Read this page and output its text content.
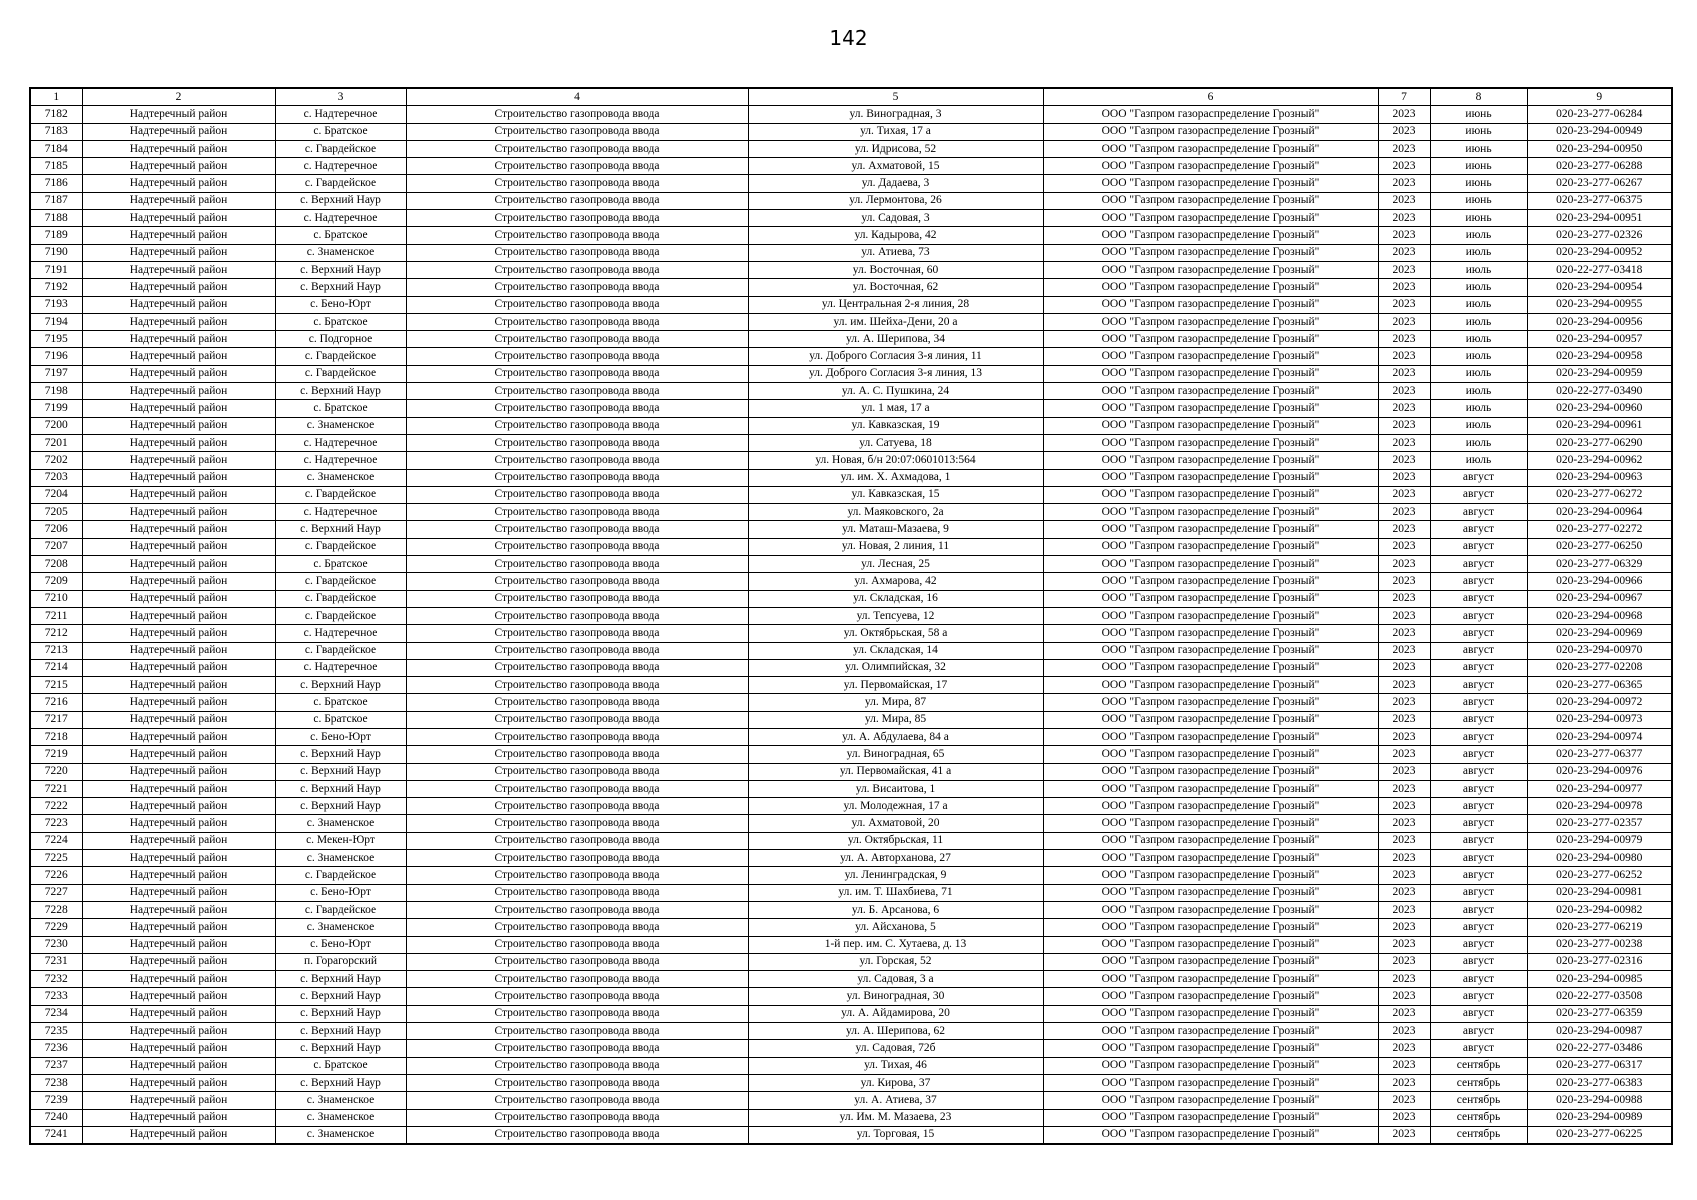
142
1	2	3	4	5	6	7	8	9
7182	Надтеречный район	с. Надтеречное	Строительство газопровода ввода	ул. Виноградная, 3	ООО "Газпром газораспределение Грозный"	2023	июнь	020-23-277-06284
7183	Надтеречный район	с. Братское	Строительство газопровода ввода	ул. Тихая, 17 а	ООО "Газпром газораспределение Грозный"	2023	июнь	020-23-294-00949
7184	Надтеречный район	с. Гвардейское	Строительство газопровода ввода	ул. Идрисова, 52	ООО "Газпром газораспределение Грозный"	2023	июнь	020-23-294-00950
7185	Надтеречный район	с. Надтеречное	Строительство газопровода ввода	ул. Ахматовой, 15	ООО "Газпром газораспределение Грозный"	2023	июнь	020-23-277-06288
7186	Надтеречный район	с. Гвардейское	Строительство газопровода ввода	ул. Дадаева, 3	ООО "Газпром газораспределение Грозный"	2023	июнь	020-23-277-06267
7187	Надтеречный район	с. Верхний Наур	Строительство газопровода ввода	ул. Лермонтова, 26	ООО "Газпром газораспределение Грозный"	2023	июнь	020-23-277-06375
7188	Надтеречный район	с. Надтеречное	Строительство газопровода ввода	ул. Садовая, 3	ООО "Газпром газораспределение Грозный"	2023	июнь	020-23-294-00951
7189	Надтеречный район	с. Братское	Строительство газопровода ввода	ул. Кадырова, 42	ООО "Газпром газораспределение Грозный"	2023	июль	020-23-277-02326
7190	Надтеречный район	с. Знаменское	Строительство газопровода ввода	ул. Атиева, 73	ООО "Газпром газораспределение Грозный"	2023	июль	020-23-294-00952
7191	Надтеречный район	с. Верхний Наур	Строительство газопровода ввода	ул. Восточная, 60	ООО "Газпром газораспределение Грозный"	2023	июль	020-22-277-03418
7192	Надтеречный район	с. Верхний Наур	Строительство газопровода ввода	ул. Восточная, 62	ООО "Газпром газораспределение Грозный"	2023	июль	020-23-294-00954
7193	Надтеречный район	с. Бено-Юрт	Строительство газопровода ввода	ул. Центральная 2-я линия, 28	ООО "Газпром газораспределение Грозный"	2023	июль	020-23-294-00955
7194	Надтеречный район	с. Братское	Строительство газопровода ввода	ул. им. Шейха-Дени, 20 а	ООО "Газпром газораспределение Грозный"	2023	июль	020-23-294-00956
7195	Надтеречный район	с. Подгорное	Строительство газопровода ввода	ул. А. Шерипова, 34	ООО "Газпром газораспределение Грозный"	2023	июль	020-23-294-00957
7196	Надтеречный район	с. Гвардейское	Строительство газопровода ввода	ул. Доброго Согласия 3-я линия, 11	ООО "Газпром газораспределение Грозный"	2023	июль	020-23-294-00958
7197	Надтеречный район	с. Гвардейское	Строительство газопровода ввода	ул. Доброго Согласия 3-я линия, 13	ООО "Газпром газораспределение Грозный"	2023	июль	020-23-294-00959
7198	Надтеречный район	с. Верхний Наур	Строительство газопровода ввода	ул. А. С. Пушкина, 24	ООО "Газпром газораспределение Грозный"	2023	июль	020-22-277-03490
7199	Надтеречный район	с. Братское	Строительство газопровода ввода	ул. 1 мая, 17 а	ООО "Газпром газораспределение Грозный"	2023	июль	020-23-294-00960
7200	Надтеречный район	с. Знаменское	Строительство газопровода ввода	ул. Кавказская, 19	ООО "Газпром газораспределение Грозный"	2023	июль	020-23-294-00961
7201	Надтеречный район	с. Надтеречное	Строительство газопровода ввода	ул. Сатуева, 18	ООО "Газпром газораспределение Грозный"	2023	июль	020-23-277-06290
7202	Надтеречный район	с. Надтеречное	Строительство газопровода ввода	ул. Новая, б/н 20:07:0601013:564	ООО "Газпром газораспределение Грозный"	2023	июль	020-23-294-00962
7203	Надтеречный район	с. Знаменское	Строительство газопровода ввода	ул. им. Х. Ахмадова, 1	ООО "Газпром газораспределение Грозный"	2023	август	020-23-294-00963
7204	Надтеречный район	с. Гвардейское	Строительство газопровода ввода	ул. Кавказская, 15	ООО "Газпром газораспределение Грозный"	2023	август	020-23-277-06272
7205	Надтеречный район	с. Надтеречное	Строительство газопровода ввода	ул. Маяковского, 2а	ООО "Газпром газораспределение Грозный"	2023	август	020-23-294-00964
7206	Надтеречный район	с. Верхний Наур	Строительство газопровода ввода	ул. Маташ-Мазаева, 9	ООО "Газпром газораспределение Грозный"	2023	август	020-23-277-02272
7207	Надтеречный район	с. Гвардейское	Строительство газопровода ввода	ул. Новая, 2 линия, 11	ООО "Газпром газораспределение Грозный"	2023	август	020-23-277-06250
7208	Надтеречный район	с. Братское	Строительство газопровода ввода	ул. Лесная, 25	ООО "Газпром газораспределение Грозный"	2023	август	020-23-277-06329
7209	Надтеречный район	с. Гвардейское	Строительство газопровода ввода	ул. Ахмарова, 42	ООО "Газпром газораспределение Грозный"	2023	август	020-23-294-00966
7210	Надтеречный район	с. Гвардейское	Строительство газопровода ввода	ул. Складская, 16	ООО "Газпром газораспределение Грозный"	2023	август	020-23-294-00967
7211	Надтеречный район	с. Гвардейское	Строительство газопровода ввода	ул. Тепсуева, 12	ООО "Газпром газораспределение Грозный"	2023	август	020-23-294-00968
7212	Надтеречный район	с. Надтеречное	Строительство газопровода ввода	ул. Октябрьская, 58 а	ООО "Газпром газораспределение Грозный"	2023	август	020-23-294-00969
7213	Надтеречный район	с. Гвардейское	Строительство газопровода ввода	ул. Складская, 14	ООО "Газпром газораспределение Грозный"	2023	август	020-23-294-00970
7214	Надтеречный район	с. Надтеречное	Строительство газопровода ввода	ул. Олимпийская, 32	ООО "Газпром газораспределение Грозный"	2023	август	020-23-277-02208
7215	Надтеречный район	с. Верхний Наур	Строительство газопровода ввода	ул. Первомайская, 17	ООО "Газпром газораспределение Грозный"	2023	август	020-23-277-06365
7216	Надтеречный район	с. Братское	Строительство газопровода ввода	ул. Мира, 87	ООО "Газпром газораспределение Грозный"	2023	август	020-23-294-00972
7217	Надтеречный район	с. Братское	Строительство газопровода ввода	ул. Мира, 85	ООО "Газпром газораспределение Грозный"	2023	август	020-23-294-00973
7218	Надтеречный район	с. Бено-Юрт	Строительство газопровода ввода	ул. А. Абдулаева, 84 а	ООО "Газпром газораспределение Грозный"	2023	август	020-23-294-00974
7219	Надтеречный район	с. Верхний Наур	Строительство газопровода ввода	ул. Виноградная, 65	ООО "Газпром газораспределение Грозный"	2023	август	020-23-277-06377
7220	Надтеречный район	с. Верхний Наур	Строительство газопровода ввода	ул. Первомайская, 41 а	ООО "Газпром газораспределение Грозный"	2023	август	020-23-294-00976
7221	Надтеречный район	с. Верхний Наур	Строительство газопровода ввода	ул. Висаитова, 1	ООО "Газпром газораспределение Грозный"	2023	август	020-23-294-00977
7222	Надтеречный район	с. Верхний Наур	Строительство газопровода ввода	ул. Молодежная, 17 а	ООО "Газпром газораспределение Грозный"	2023	август	020-23-294-00978
7223	Надтеречный район	с. Знаменское	Строительство газопровода ввода	ул. Ахматовой, 20	ООО "Газпром газораспределение Грозный"	2023	август	020-23-277-02357
7224	Надтеречный район	с. Мекен-Юрт	Строительство газопровода ввода	ул. Октябрьская, 11	ООО "Газпром газораспределение Грозный"	2023	август	020-23-294-00979
7225	Надтеречный район	с. Знаменское	Строительство газопровода ввода	ул. А. Авторханова, 27	ООО "Газпром газораспределение Грозный"	2023	август	020-23-294-00980
7226	Надтеречный район	с. Гвардейское	Строительство газопровода ввода	ул. Ленинградская, 9	ООО "Газпром газораспределение Грозный"	2023	август	020-23-277-06252
7227	Надтеречный район	с. Бено-Юрт	Строительство газопровода ввода	ул. им. Т. Шахбиева, 71	ООО "Газпром газораспределение Грозный"	2023	август	020-23-294-00981
7228	Надтеречный район	с. Гвардейское	Строительство газопровода ввода	ул. Б. Арсанова, 6	ООО "Газпром газораспределение Грозный"	2023	август	020-23-294-00982
7229	Надтеречный район	с. Знаменское	Строительство газопровода ввода	ул. Айсханова, 5	ООО "Газпром газораспределение Грозный"	2023	август	020-23-277-06219
7230	Надтеречный район	с. Бено-Юрт	Строительство газопровода ввода	1-й пер. им. С. Хутаева, д. 13	ООО "Газпром газораспределение Грозный"	2023	август	020-23-277-00238
7231	Надтеречный район	п. Горагорский	Строительство газопровода ввода	ул. Горская, 52	ООО "Газпром газораспределение Грозный"	2023	август	020-23-277-02316
7232	Надтеречный район	с. Верхний Наур	Строительство газопровода ввода	ул. Садовая, 3 а	ООО "Газпром газораспределение Грозный"	2023	август	020-23-294-00985
7233	Надтеречный район	с. Верхний Наур	Строительство газопровода ввода	ул. Виноградная, 30	ООО "Газпром газораспределение Грозный"	2023	август	020-22-277-03508
7234	Надтеречный район	с. Верхний Наур	Строительство газопровода ввода	ул. А. Айдамирова, 20	ООО "Газпром газораспределение Грозный"	2023	август	020-23-277-06359
7235	Надтеречный район	с. Верхний Наур	Строительство газопровода ввода	ул. А. Шерипова, 62	ООО "Газпром газораспределение Грозный"	2023	август	020-23-294-00987
7236	Надтеречный район	с. Верхний Наур	Строительство газопровода ввода	ул. Садовая, 72б	ООО "Газпром газораспределение Грозный"	2023	август	020-22-277-03486
7237	Надтеречный район	с. Братское	Строительство газопровода ввода	ул. Тихая, 46	ООО "Газпром газораспределение Грозный"	2023	сентябрь	020-23-277-06317
7238	Надтеречный район	с. Верхний Наур	Строительство газопровода ввода	ул. Кирова, 37	ООО "Газпром газораспределение Грозный"	2023	сентябрь	020-23-277-06383
7239	Надтеречный район	с. Знаменское	Строительство газопровода ввода	ул. А. Атиева, 37	ООО "Газпром газораспределение Грозный"	2023	сентябрь	020-23-294-00988
7240	Надтеречный район	с. Знаменское	Строительство газопровода ввода	ул. Им. М. Мазаева, 23	ООО "Газпром газораспределение Грозный"	2023	сентябрь	020-23-294-00989
7241	Надтеречный район	с. Знаменское	Строительство газопровода ввода	ул. Торговая, 15	ООО "Газпром газораспределение Грозный"	2023	сентябрь	020-23-277-06225
